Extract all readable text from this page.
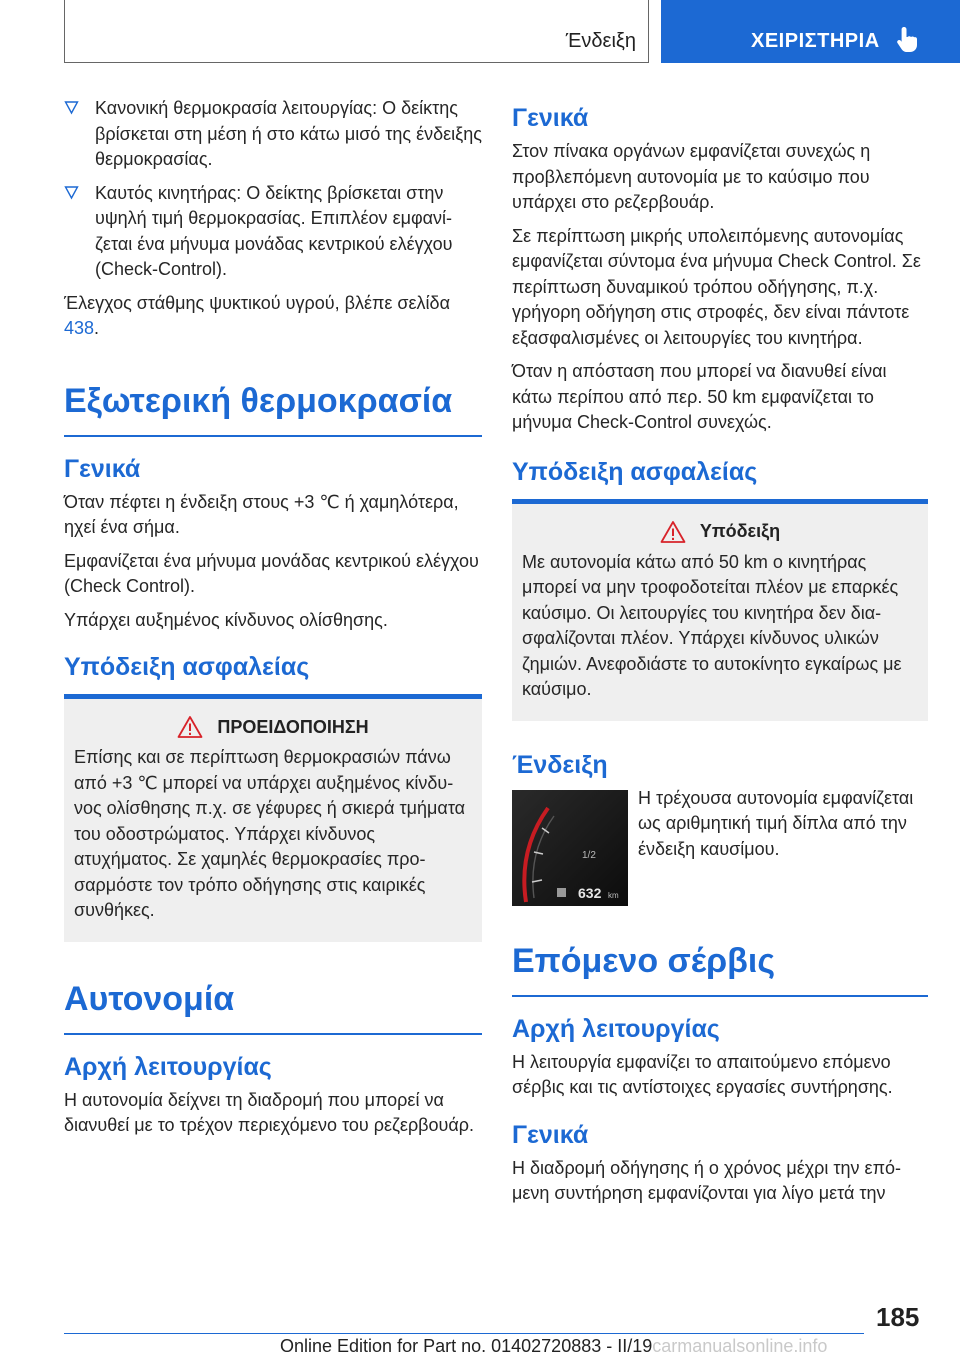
Ένδειξη	ΧΕΙΡΙΣΤΗΡΙΑ

Κανονική θερμοκρασία λειτουργίας: Ο δείκτης βρίσκεται στη μέση ή στο κάτω μισό της ένδειξης θερμοκρασίας.

Καυτός κινητήρας: Ο δείκτης βρίσκεται στην υψηλή τιμή θερμοκρασίας. Επιπλέον εμφανίζεται ένα μήνυμα μονάδας κεντρικού ελέγχου (Check-Control).

Έλεγχος στάθμης ψυκτικού υγρού, βλέπε σελίδα 438.

Εξωτερική θερμοκρασία
Γενικά

Όταν πέφτει η ένδειξη στους +3 ℃ ή χαμηλότερα, ηχεί ένα σήμα.

Εμφανίζεται ένα μήνυμα μονάδας κεντρικού ελέγχου (Check Control).

Υπάρχει αυξημένος κίνδυνος ολίσθησης.

Υπόδειξη ασφαλείας
ΠΡΟΕΙΔΟΠΟΙΗΣΗ

Επίσης και σε περίπτωση θερμοκρασιών πάνω από +3 ℃ μπορεί να υπάρχει αυξημένος κίνδυνος ολίσθησης π.χ. σε γέφυρες ή σκιερά τμήματα του οδοστρώματος. Υπάρχει κίνδυνος ατυχήματος. Σε χαμηλές θερμοκρασίες προσαρμόστε τον τρόπο οδήγησης στις καιρικές συνθήκες.

Αυτονομία
Αρχή λειτουργίας

Η αυτονομία δείχνει τη διαδρομή που μπορεί να διανυθεί με το τρέχον περιεχόμενο του ρεζερβουάρ.

Γενικά

Στον πίνακα οργάνων εμφανίζεται συνεχώς η προβλεπόμενη αυτονομία με το καύσιμο που υπάρχει στο ρεζερβουάρ.

Σε περίπτωση μικρής υπολειπόμενης αυτονομίας εμφανίζεται σύντομα ένα μήνυμα Check Control. Σε περίπτωση δυναμικού τρόπου οδήγησης, π.χ. γρήγορη οδήγηση στις στροφές, δεν είναι πάντοτε εξασφαλισμένες οι λειτουργίες του κινητήρα.

Όταν η απόσταση που μπορεί να διανυθεί είναι κάτω περίπου από περ. 50 km εμφανίζεται το μήνυμα Check-Control συνεχώς.

Υπόδειξη ασφαλείας
Υπόδειξη

Με αυτονομία κάτω από 50 km ο κινητήρας μπορεί να μην τροφοδοτείται πλέον με επαρκές καύσιμο. Οι λειτουργίες του κινητήρα δεν διασφαλίζονται πλέον. Υπάρχει κίνδυνος υλικών ζημιών. Ανεφοδιάστε το αυτοκίνητο εγκαίρως με καύσιμο.

Ένδειξη
1/2
632 km

Η τρέχουσα αυτονομία εμφανίζεται ως αριθμητική τιμή δίπλα από την ένδειξη καυσίμου.

Επόμενο σέρβις
Αρχή λειτουργίας

Η λειτουργία εμφανίζει το απαιτούμενο επόμενο σέρβις και τις αντίστοιχες εργασίες συντήρησης.

Γενικά

Η διαδρομή οδήγησης ή ο χρόνος μέχρι την επόμενη συντήρηση εμφανίζονται για λίγο μετά την

185
Online Edition for Part no. 01402720883 - II/19carmanualsonline.info
